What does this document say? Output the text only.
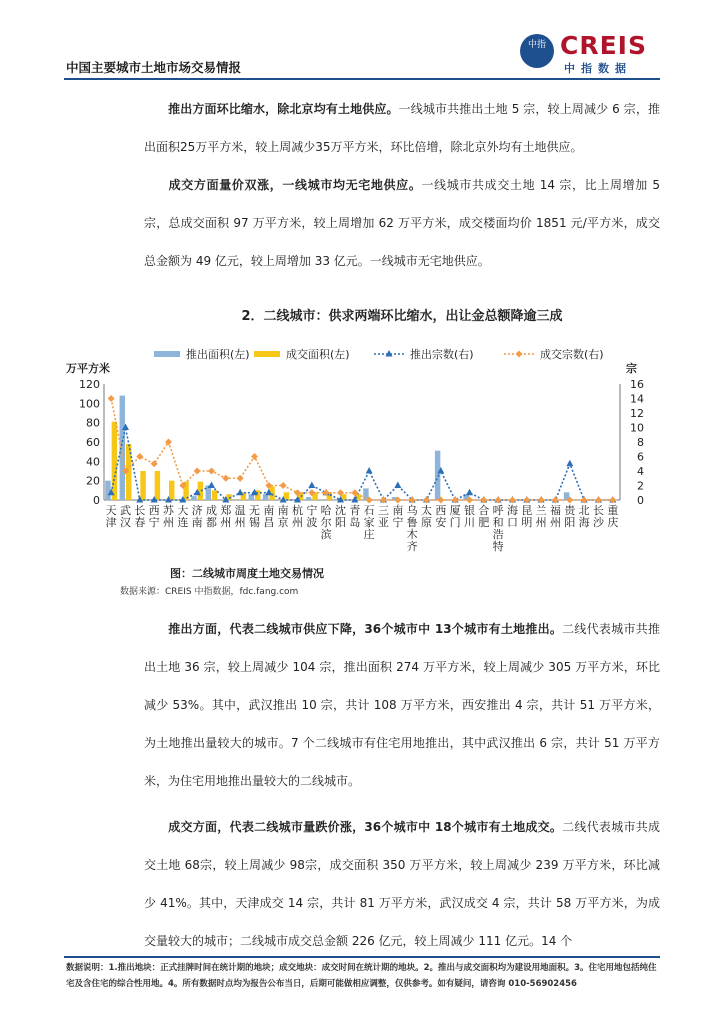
中国主要城市土地市场交易情报
中指 CREIS
中指数据
推出方面环比缩水，除北京均有土地供应。一线城市共推出土地 5 宗，较上周减少 6 宗，推出面积25万平方米，较上周减少35万平方米，环比倍增，除北京外均有土地供应。
成交方面量价双涨，一线城市均无宅地供应。一线城市共成交土地 14 宗，比上周增加 5 宗，总成交面积 97 万平方米，较上周增加 62 万平方米，成交楼面均价 1851 元/平方米，成交总金额为 49 亿元，较上周增加 33 亿元。一线城市无宅地供应。
2．二线城市：供求两端环比缩水，出让金总额降逾三成
推出面积(左)	成交面积(左)	推出宗数(右)	成交宗数(右)
万平方米	宗
0
20
40
60
80
100
120
0
2
4
6
8
10
12
14
16
天津
武汉
长春
西宁
苏州
大连
济南
成都
郑州
温州
无锡
南昌
南京
杭州
宁波
哈尔滨
沈阳
青岛
石家庄
三亚
南宁
乌鲁木齐
太原
西安
厦门
银川
合肥
呼和浩特
海口
昆明
兰州
福州
贵阳
北海
长沙
重庆
图：二线城市周度土地交易情况
数据来源：CREIS 中指数据，fdc.fang.com
推出方面，代表二线城市供应下降，36个城市中 13个城市有土地推出。二线代表城市共推出土地 36 宗，较上周减少 104 宗，推出面积 274 万平方米，较上周减少 305 万平方米，环比减少 53%。其中，武汉推出 10 宗，共计 108 万平方米，西安推出 4 宗，共计 51 万平方米，为土地推出量较大的城市。7 个二线城市有住宅用地推出，其中武汉推出 6 宗，共计 51 万平方米，为住宅用地推出量较大的二线城市。
成交方面，代表二线城市量跌价涨，36个城市中 18个城市有土地成交。二线代表城市共成交土地 68宗，较上周减少 98宗，成交面积 350 万平方米，较上周减少 239 万平方米，环比减少 41%。其中，天津成交 14 宗，共计 81 万平方米，武汉成交 4 宗，共计 58 万平方米，为成交量较大的城市；二线城市成交总金额 226 亿元，较上周减少 111 亿元。14 个
数据说明：1.推出地块：正式挂牌时间在统计期的地块；成交地块：成交时间在统计期的地块。2。推出与成交面积均为建设用地面积。3。住宅用地包括纯住宅及含住宅的综合性用地。4。所有数据时点均为报告公布当日，后期可能做相应调整，仅供参考。如有疑问，请咨询 010-56902456
